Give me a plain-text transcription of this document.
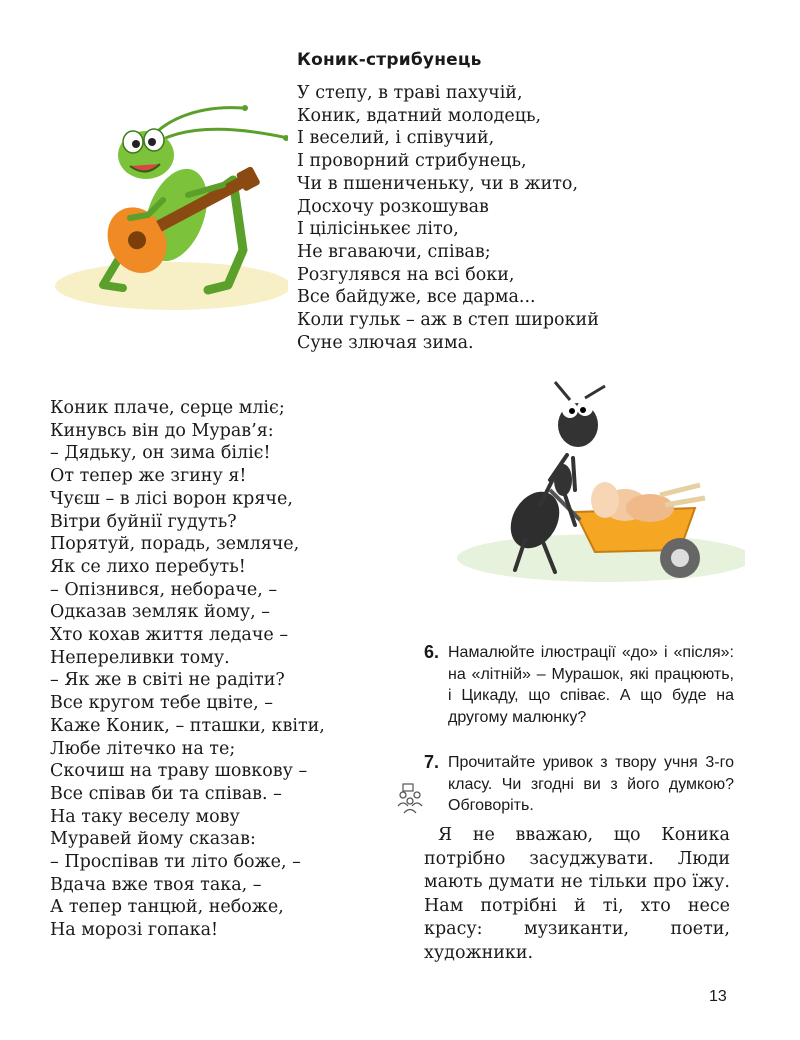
Коник-стрибунець
У степу, в траві пахучій,
Коник, вдатний молодець,
І веселий, і співучий,
І проворний стрибунець,
Чи в пшениченьку, чи в жито,
Досхочу розкошував
І цілісінькеє літо,
Не вгаваючи, співав;
Розгулявся на всі боки,
Все байдуже, все дарма...
Коли гульк – аж в степ широкий
Суне злючая зима.
Коник плаче, серце мліє;
Кинувсь він до Мурав’я:
– Дядьку, он зима біліє!
От тепер же згину я!
Чуєш – в лісі ворон кряче,
Вітри буйнії гудуть?
Порятуй, порадь, земляче,
Як се лихо перебуть!
– Опізнився, небораче, –
Одказав земляк йому, –
Хто кохав життя ледаче –
Непереливки тому.
– Як же в світі не радіти?
Все кругом тебе цвіте, –
Каже Коник, – пташки, квіти,
Любе літечко на те;
Скочиш на траву шовкову –
Все співав би та співав. –
На таку веселу мову
Муравей йому сказав:
– Проспівав ти літо боже, –
Вдача вже твоя така, –
А тепер танцюй, небоже,
На морозі гопака!
6. Намалюйте ілюстрації «до» і «після»: на «літній» – Мурашок, які працюють, і Цикаду, що співає. А що буде на другому малюнку?
7. Прочитайте уривок з твору учня 3-го класу. Чи згодні ви з його думкою? Обговоріть.

Я не вважаю, що Коника потрібно засуджувати. Люди мають думати не тільки про їжу. Нам потрібні й ті, хто несе красу: музиканти, поети, художники.

13
